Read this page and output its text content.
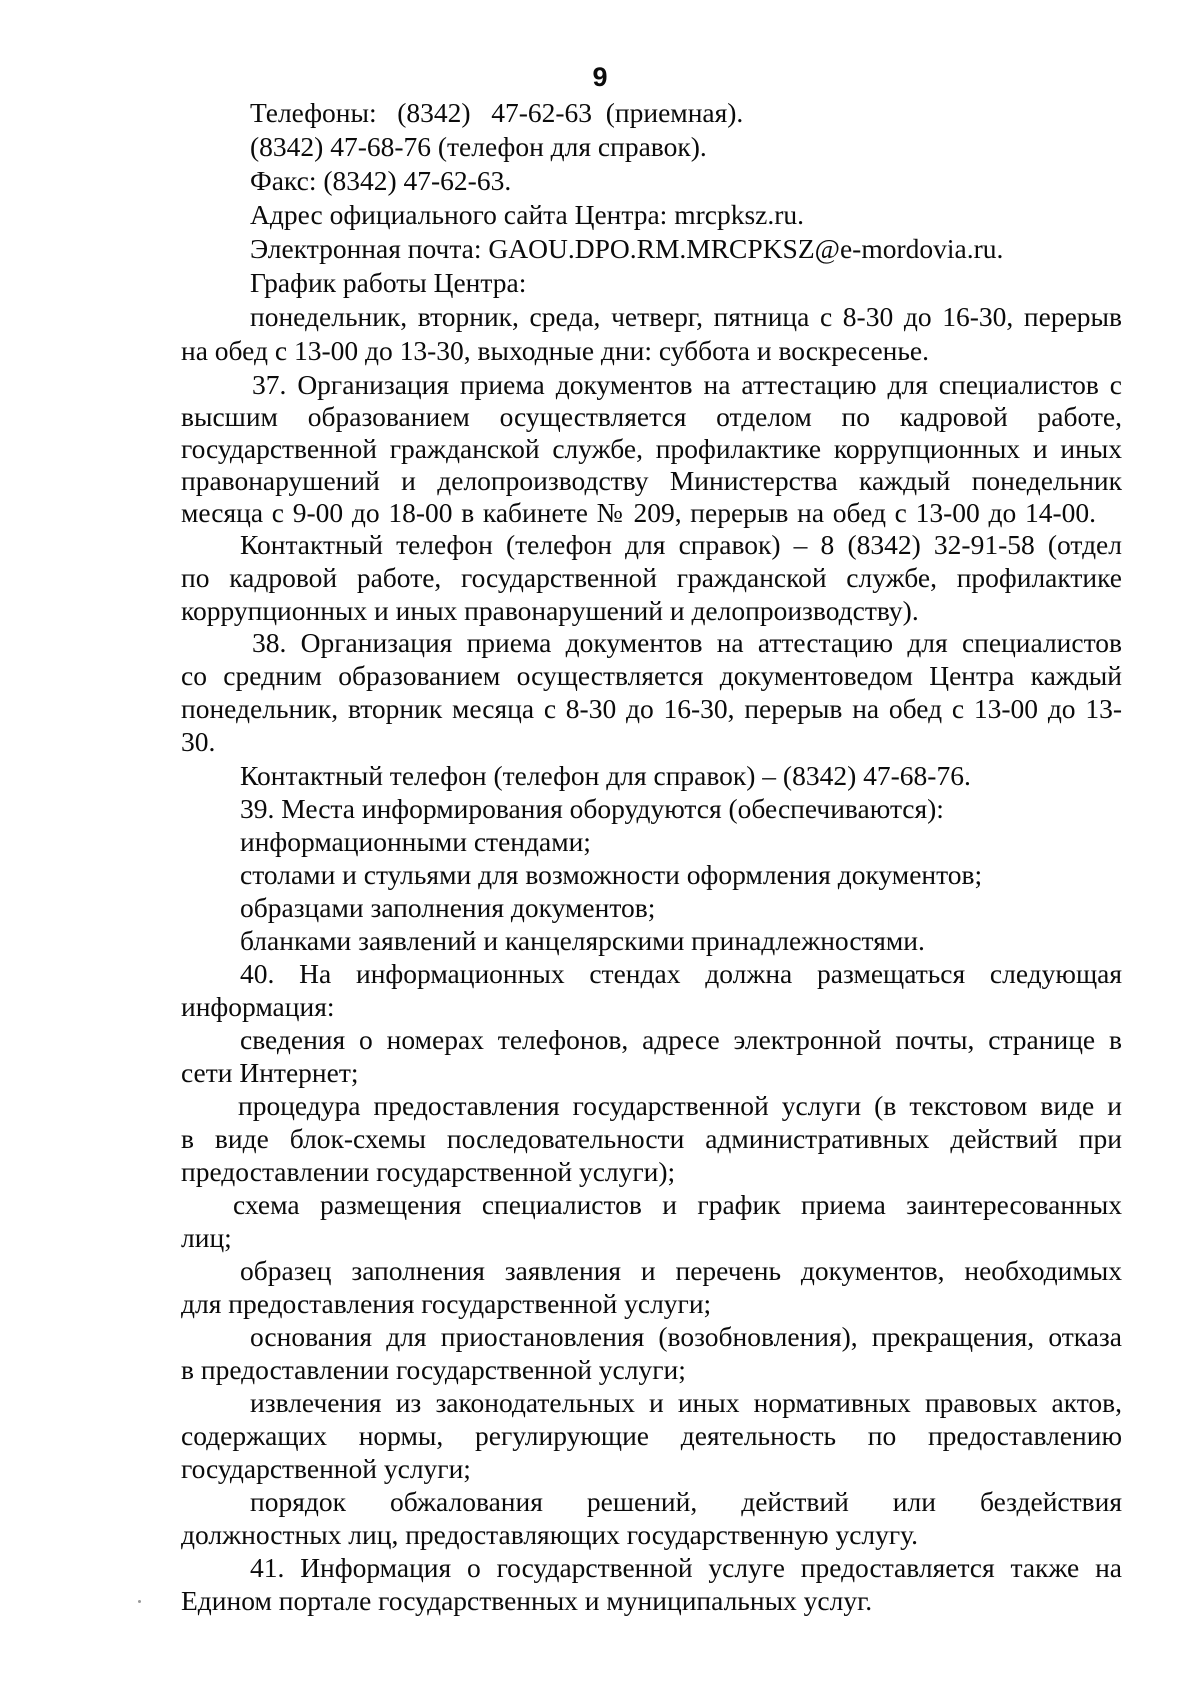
9

Телефоны:   (8342)   47-62-63  (приемная).

(8342) 47-68-76 (телефон для справок).

Факс: (8342) 47-62-63.

Адрес официального сайта Центра: mrcpksz.ru.

Электронная почта: GAOU.DPO.RM.MRCPKSZ@e-mordovia.ru.

График работы Центра:

понедельник, вторник, среда, четверг, пятница с 8-30 до 16-30, перерыв

на обед с 13-00 до 13-30, выходные дни: суббота и воскресенье.

37. Организация приема документов на аттестацию для специалистов с

высшим образованием осуществляется отделом по кадровой работе,

государственной гражданской службе, профилактике коррупционных и иных

правонарушений и делопроизводству Министерства каждый понедельник

месяца с 9-00 до 18-00 в кабинете № 209, перерыв на обед с 13-00 до 14-00.

Контактный телефон (телефон для справок) – 8 (8342) 32-91-58 (отдел

по кадровой работе, государственной гражданской службе, профилактике

коррупционных и иных правонарушений и делопроизводству).

38. Организация приема документов на аттестацию для специалистов

со средним образованием осуществляется документоведом Центра каждый

понедельник, вторник месяца с 8-30 до 16-30, перерыв на обед с 13-00 до 13-

30.

Контактный телефон (телефон для справок) – (8342) 47-68-76.

39. Места информирования оборудуются (обеспечиваются):

информационными стендами;

столами и стульями для возможности оформления документов;

образцами заполнения документов;

бланками заявлений и канцелярскими принадлежностями.

40. На информационных стендах должна размещаться следующая

информация:

сведения о номерах телефонов, адресе электронной почты, странице в

сети Интернет;

процедура предоставления государственной услуги (в текстовом виде и

в виде блок-схемы последовательности административных действий при

предоставлении государственной услуги);

схема размещения специалистов и график приема заинтересованных

лиц;

образец заполнения заявления и перечень документов, необходимых

для предоставления государственной услуги;

основания для приостановления (возобновления), прекращения, отказа

в предоставлении государственной услуги;

извлечения из законодательных и иных нормативных правовых актов,

содержащих нормы, регулирующие деятельность по предоставлению

государственной услуги;

порядок обжалования решений, действий или бездействия

должностных лиц, предоставляющих государственную услугу.

41. Информация о государственной услуге предоставляется также на

Едином портале государственных и муниципальных услуг.
